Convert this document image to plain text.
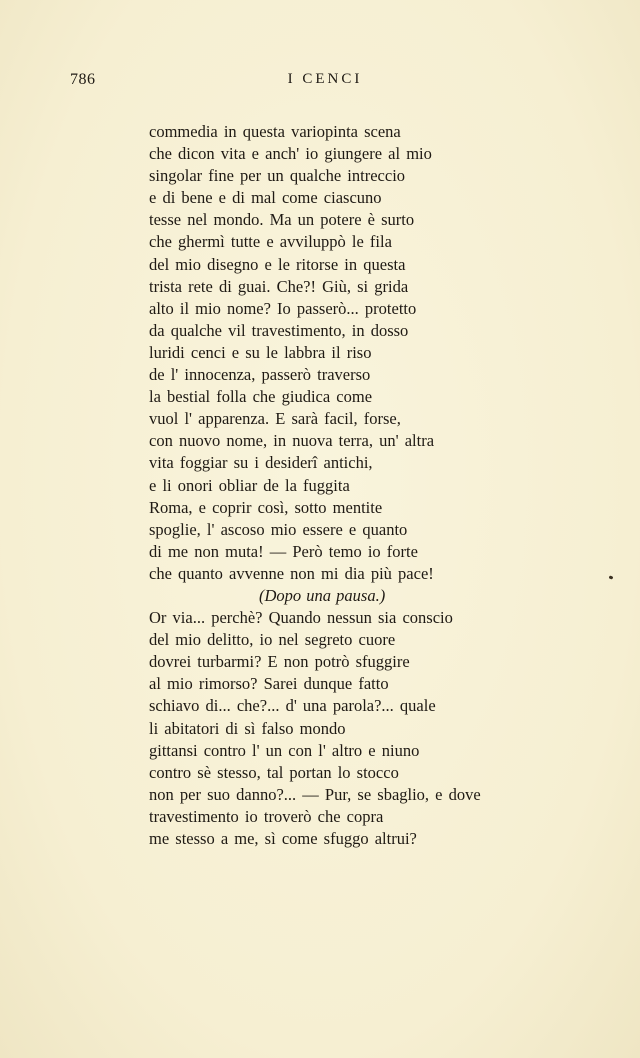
786	I CENCI
commedia in questa variopinta scena
che dicon vita e anch' io giungere al mio
singolar fine per un qualche intreccio
e di bene e di mal come ciascuno
tesse nel mondo. Ma un potere è surto
che ghermì tutte e avviluppò le fila
del mio disegno e le ritorse in questa
trista rete di guai. Che?! Giù, si grida
alto il mio nome? Io passerò... protetto
da qualche vil travestimento, in dosso
luridi cenci e su le labbra il riso
de l' innocenza, passerò traverso
la bestial folla che giudica come
vuol l' apparenza. E sarà facil, forse,
con nuovo nome, in nuova terra, un' altra
vita foggiar su i desiderî antichi,
e li onori obliar de la fuggita
Roma, e coprir così, sotto mentite
spoglie, l' ascoso mio essere e quanto
di me non muta! — Però temo io forte
che quanto avvenne non mi dia più pace!
(Dopo una pausa.)
Or via... perchè? Quando nessun sia conscio
del mio delitto, io nel segreto cuore
dovrei turbarmi? E non potrò sfuggire
al mio rimorso? Sarei dunque fatto
schiavo di... che?... d' una parola?... quale
li abitatori di sì falso mondo
gittansi contro l' un con l' altro e niuno
contro sè stesso, tal portan lo stocco
non per suo danno?... — Pur, se sbaglio, e dove
travestimento io troverò che copra
me stesso a me, sì come sfuggo altrui?
